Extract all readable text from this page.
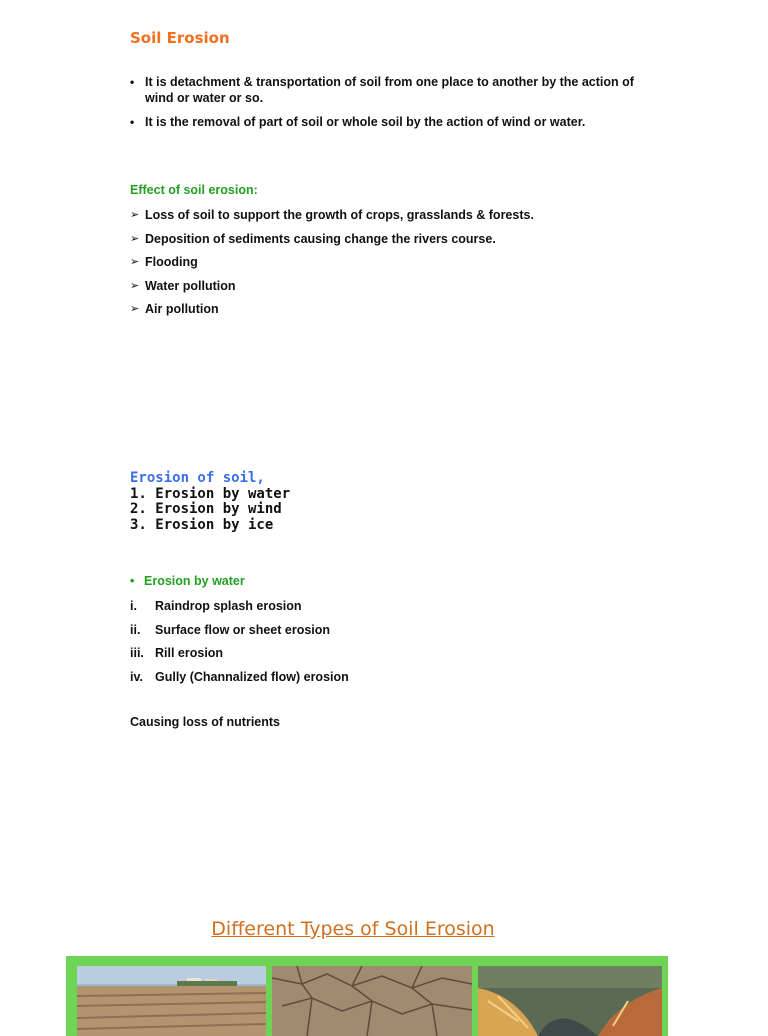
Soil Erosion
• It is detachment & transportation of soil from one place to another by the action of wind or water or so.
• It is the removal of part of soil or whole soil by the action of wind or water.
Effect of soil erosion:
➢ Loss of soil to support the growth of crops, grasslands & forests.
➢ Deposition of sediments causing change the rivers course.
➢ Flooding
➢ Water pollution
➢ Air pollution
Erosion of soil,
1. Erosion by water
2. Erosion by wind
3. Erosion by ice
• Erosion by water
i. Raindrop splash erosion
ii. Surface flow or sheet erosion
iii. Rill erosion
iv. Gully (Channalized flow) erosion
Causing loss of nutrients
Different Types of Soil Erosion
